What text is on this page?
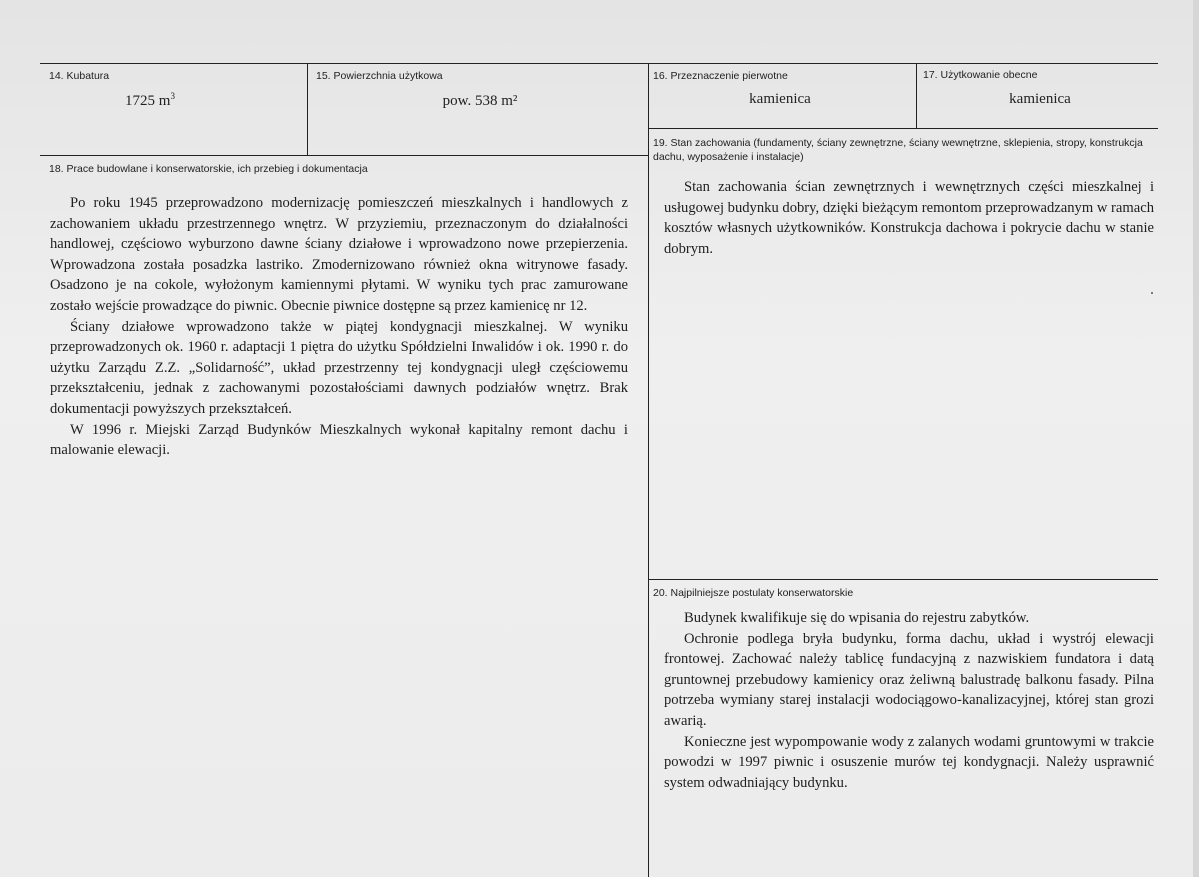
14. Kubatura
1725 $m^3$
15. Powierzchnia użytkowa
pow. 538 m²
16. Przeznaczenie pierwotne
kamienica
17. Użytkowanie obecne
kamienica
18. Prace budowlane i konserwatorskie, ich przebieg i dokumentacja

Po roku 1945 przeprowadzono modernizację pomieszczeń mieszkalnych i handlowych z zachowaniem układu przestrzennego wnętrz. W przyziemiu, przeznaczonym do działalności handlowej, częściowo wyburzono dawne ściany działowe i wprowadzono nowe przepierzenia. Wprowadzona została posadzka lastriko. Zmodernizowano również okna witrynowe fasady. Osadzono je na cokole, wyłożonym kamiennymi płytami. W wyniku tych prac zamurowane zostało wejście prowadzące do piwnic. Obecnie piwnice dostępne są przez kamienicę nr 12.

Ściany działowe wprowadzono także w piątej kondygnacji mieszkalnej. W wyniku przeprowadzonych ok. 1960 r. adaptacji 1 piętra do użytku Spółdzielni Inwalidów i ok. 1990 r. do użytku Zarządu Z.Z. „Solidarność”, układ przestrzenny tej kondygnacji uległ częściowemu przekształceniu, jednak z zachowanymi pozostałościami dawnych podziałów wnętrz. Brak dokumentacji powyższych przekształceń.

W 1996 r. Miejski Zarząd Budynków Mieszkalnych wykonał kapitalny remont dachu i malowanie elewacji.

19. Stan zachowania (fundamenty, ściany zewnętrzne, ściany wewnętrzne, sklepienia, stropy, konstrukcja dachu, wyposażenie i instalacje)

Stan zachowania ścian zewnętrznych i wewnętrznych części mieszkalnej i usługowej budynku dobry, dzięki bieżącym remontom przeprowadzanym w ramach kosztów własnych użytkowników. Konstrukcja dachowa i pokrycie dachu w stanie dobrym.

20. Najpilniejsze postulaty konserwatorskie

Budynek kwalifikuje się do wpisania do rejestru zabytków.

Ochronie podlega bryła budynku, forma dachu, układ i wystrój elewacji frontowej. Zachować należy tablicę fundacyjną z nazwiskiem fundatora i datą gruntownej przebudowy kamienicy oraz żeliwną balustradę balkonu fasady. Pilna potrzeba wymiany starej instalacji wodociągowo-kanalizacyjnej, której stan grozi awarią.

Konieczne jest wypompowanie wody z zalanych wodami gruntowymi w trakcie powodzi w 1997 piwnic i osuszenie murów tej kondygnacji. Należy usprawnić system odwadniający budynku.
